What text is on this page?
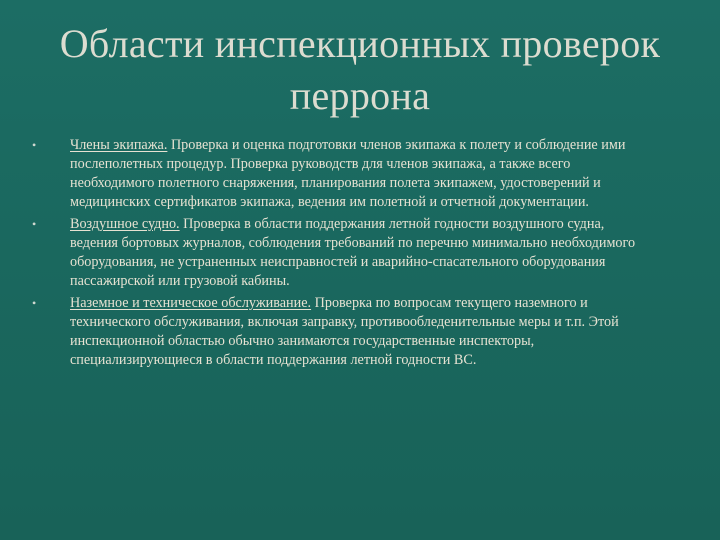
Области инспекционных проверок перрона
• Члены экипажа. Проверка и оценка подготовки членов экипажа к полету и соблюдение ими послеполетных процедур. Проверка руководств для членов экипажа, а также всего необходимого полетного снаряжения, планирования полета экипажем, удостоверений и медицинских сертификатов экипажа, ведения им полетной и отчетной документации.
• Воздушное судно. Проверка в области поддержания летной годности воздушного судна, ведения бортовых журналов, соблюдения требований по перечню минимально необходимого оборудования, не устраненных неисправностей и аварийно-спасательного оборудования пассажирской или грузовой кабины.
• Наземное и техническое обслуживание. Проверка по вопросам текущего наземного и технического обслуживания, включая заправку, противообледенительные меры и т.п. Этой инспекционной областью обычно занимаются государственные инспекторы, специализирующиеся в области поддержания летной годности ВС.
